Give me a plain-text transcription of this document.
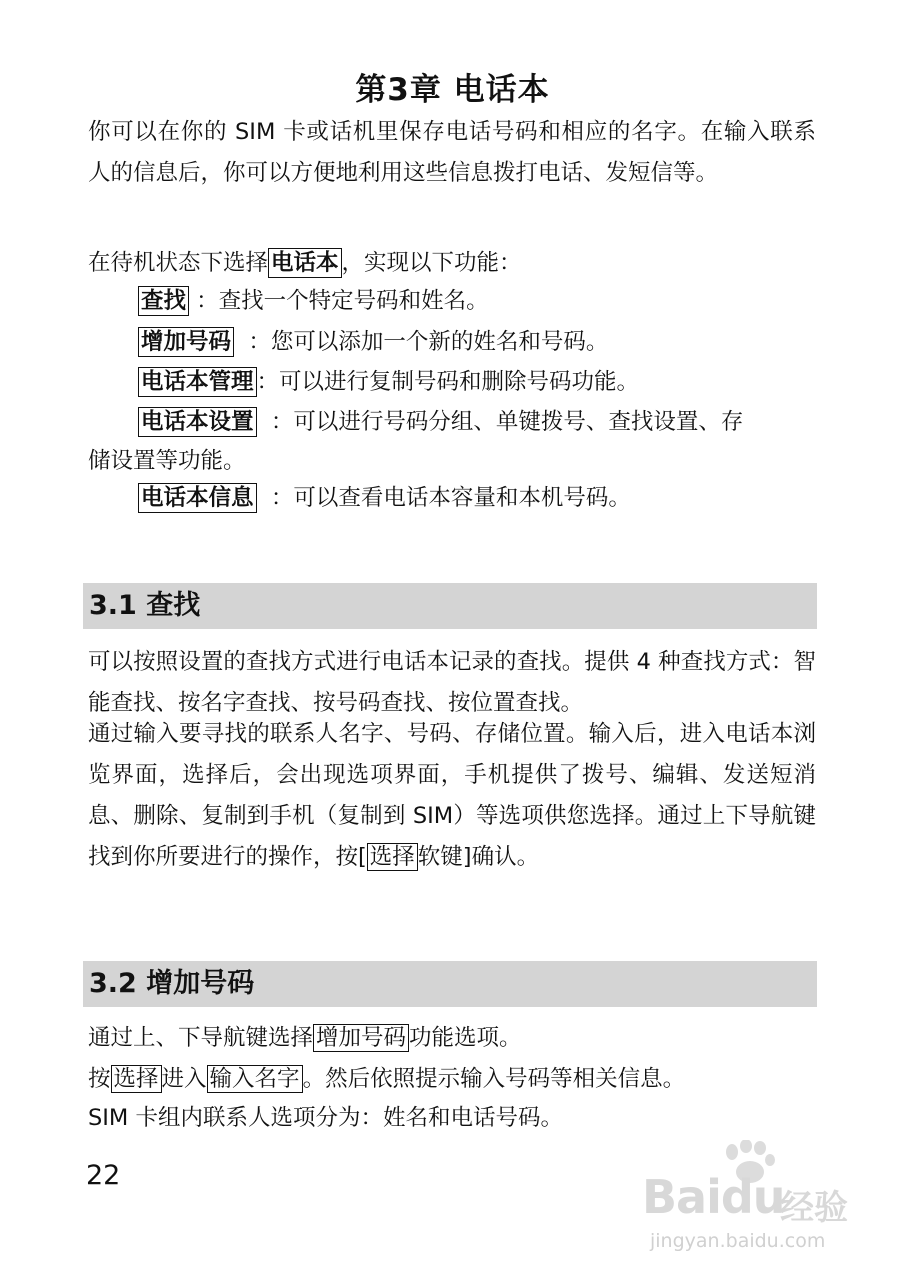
第3章 电话本
你可以在你的 SIM 卡或话机里保存电话号码和相应的名字。在输入联系人的信息后，你可以方便地利用这些信息拨打电话、发短信等。
在待机状态下选择 电话本 ，实现以下功能：
查找 ：查找一个特定号码和姓名。
增加号码 ：您可以添加一个新的姓名和号码。
电话本管理 ：可以进行复制号码和删除号码功能。
电话本设置 ：可以进行号码分组、单键拨号、查找设置、存
储设置等功能。
电话本信息 ：可以查看电话本容量和本机号码。
3.1 查找
可以按照设置的查找方式进行电话本记录的查找。提供 4 种查找方式：智能查找、按名字查找、按号码查找、按位置查找。
通过输入要寻找的联系人名字、号码、存储位置。输入后，进入电话本浏览界面，选择后，会出现选项界面，手机提供了拨号、编辑、发送短消息、删除、复制到手机（复制到 SIM）等选项供您选择。通过上下导航键找到你所要进行的操作，按[ 选择 软键]确认。
3.2 增加号码
通过上、下导航键选择 增加号码 功能选项。
按 选择 进入 输入名字 。然后依照提示输入号码等相关信息。
SIM 卡组内联系人选项分为：姓名和电话号码。
22	Baidu
经验
jingyan.baidu.com
